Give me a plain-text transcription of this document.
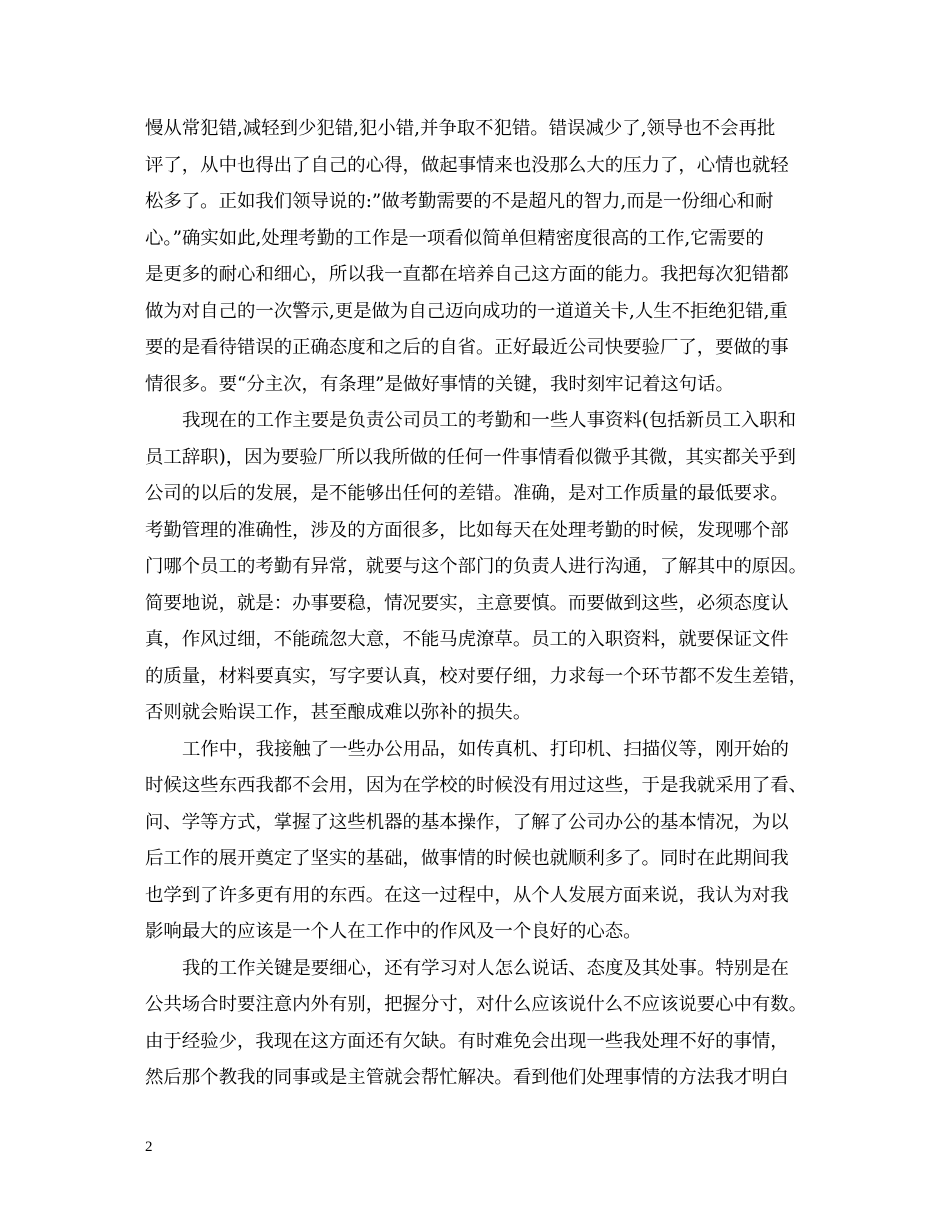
慢从常犯错,减轻到少犯错,犯小错,并争取不犯错。错误减少了,领导也不会再批
评了，从中也得出了自己的心得，做起事情来也没那么大的压力了，心情也就轻
松多了。正如我们领导说的:”做考勤需要的不是超凡的智力,而是一份细心和耐
心。”确实如此,处理考勤的工作是一项看似简单但精密度很高的工作,它需要的
是更多的耐心和细心，所以我一直都在培养自己这方面的能力。我把每次犯错都
做为对自己的一次警示,更是做为自己迈向成功的一道道关卡,人生不拒绝犯错,重
要的是看待错误的正确态度和之后的自省。正好最近公司快要验厂了，要做的事
情很多。要“分主次，有条理”是做好事情的关键，我时刻牢记着这句话。
我现在的工作主要是负责公司员工的考勤和一些人事资料(包括新员工入职和
员工辞职)，因为要验厂所以我所做的任何一件事情看似微乎其微，其实都关乎到
公司的以后的发展，是不能够出任何的差错。准确，是对工作质量的最低要求。
考勤管理的准确性，涉及的方面很多，比如每天在处理考勤的时候，发现哪个部
门哪个员工的考勤有异常，就要与这个部门的负责人进行沟通，了解其中的原因。
简要地说，就是：办事要稳，情况要实，主意要慎。而要做到这些，必须态度认
真，作风过细，不能疏忽大意，不能马虎潦草。员工的入职资料，就要保证文件
的质量，材料要真实，写字要认真，校对要仔细，力求每一个环节都不发生差错，
否则就会贻误工作，甚至酿成难以弥补的损失。
工作中，我接触了一些办公用品，如传真机、打印机、扫描仪等，刚开始的
时候这些东西我都不会用，因为在学校的时候没有用过这些，于是我就采用了看、
问、学等方式，掌握了这些机器的基本操作，了解了公司办公的基本情况，为以
后工作的展开奠定了坚实的基础，做事情的时候也就顺利多了。同时在此期间我
也学到了许多更有用的东西。在这一过程中，从个人发展方面来说，我认为对我
影响最大的应该是一个人在工作中的作风及一个良好的心态。
我的工作关键是要细心，还有学习对人怎么说话、态度及其处事。特别是在
公共场合时要注意内外有别，把握分寸，对什么应该说什么不应该说要心中有数。
由于经验少，我现在这方面还有欠缺。有时难免会出现一些我处理不好的事情，
然后那个教我的同事或是主管就会帮忙解决。看到他们处理事情的方法我才明白
2
